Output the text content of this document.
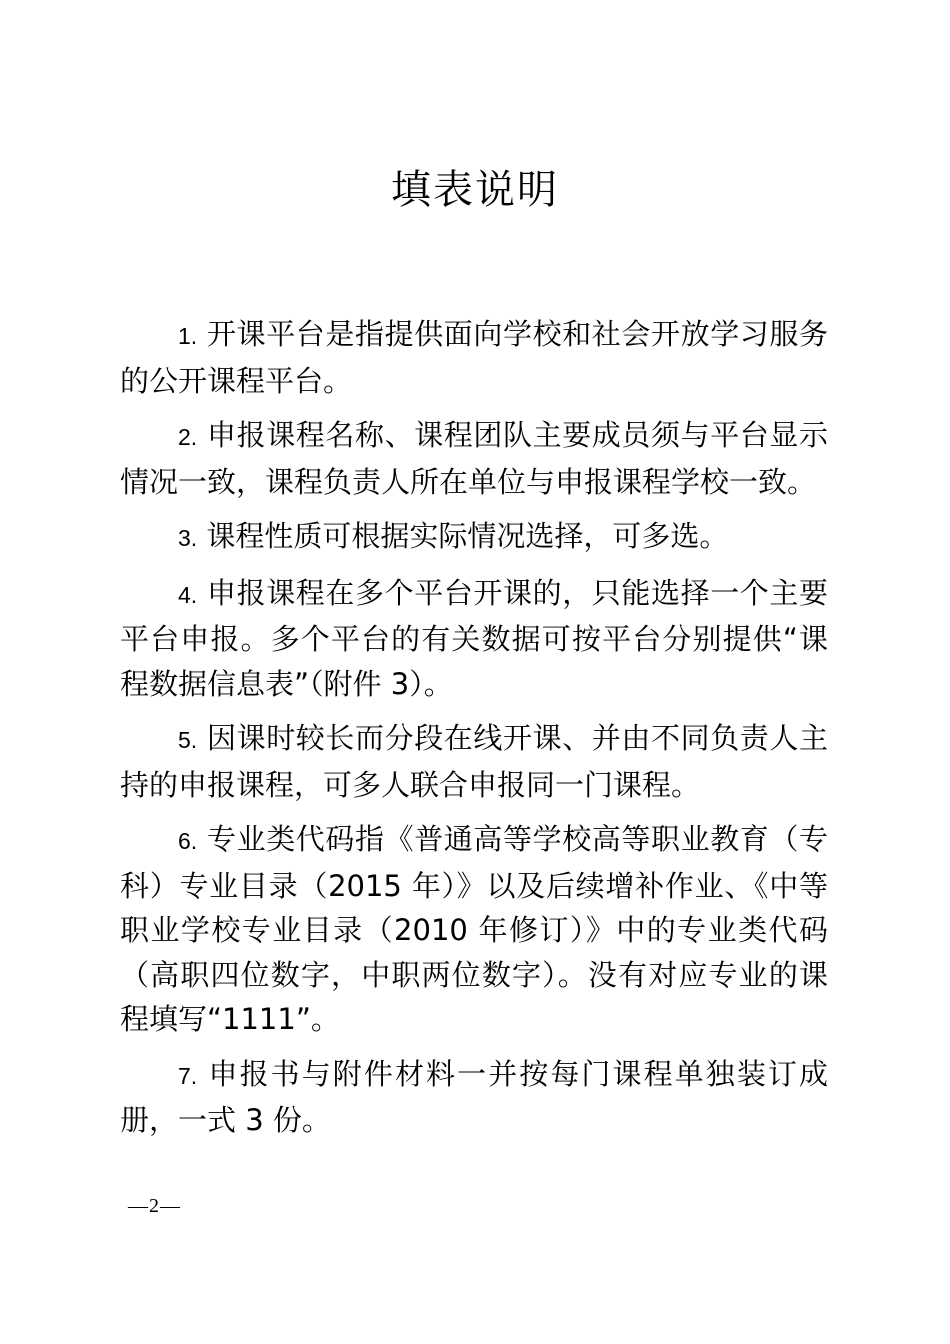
填表说明
1. 开课平台是指提供面向学校和社会开放学习服务的公开课程平台。
2. 申报课程名称、课程团队主要成员须与平台显示情况一致，课程负责人所在单位与申报课程学校一致。
3. 课程性质可根据实际情况选择，可多选。
4. 申报课程在多个平台开课的，只能选择一个主要平台申报。多个平台的有关数据可按平台分别提供“课程数据信息表”（附件 3）。
5. 因课时较长而分段在线开课、并由不同负责人主持的申报课程，可多人联合申报同一门课程。
6. 专业类代码指《普通高等学校高等职业教育（专科）专业目录（2015 年）》以及后续增补作业、《中等职业学校专业目录（2010 年修订）》中的专业类代码（高职四位数字，中职两位数字）。没有对应专业的课程填写“1111”。
7. 申报书与附件材料一并按每门课程单独装订成册，一式 3 份。
—2—
